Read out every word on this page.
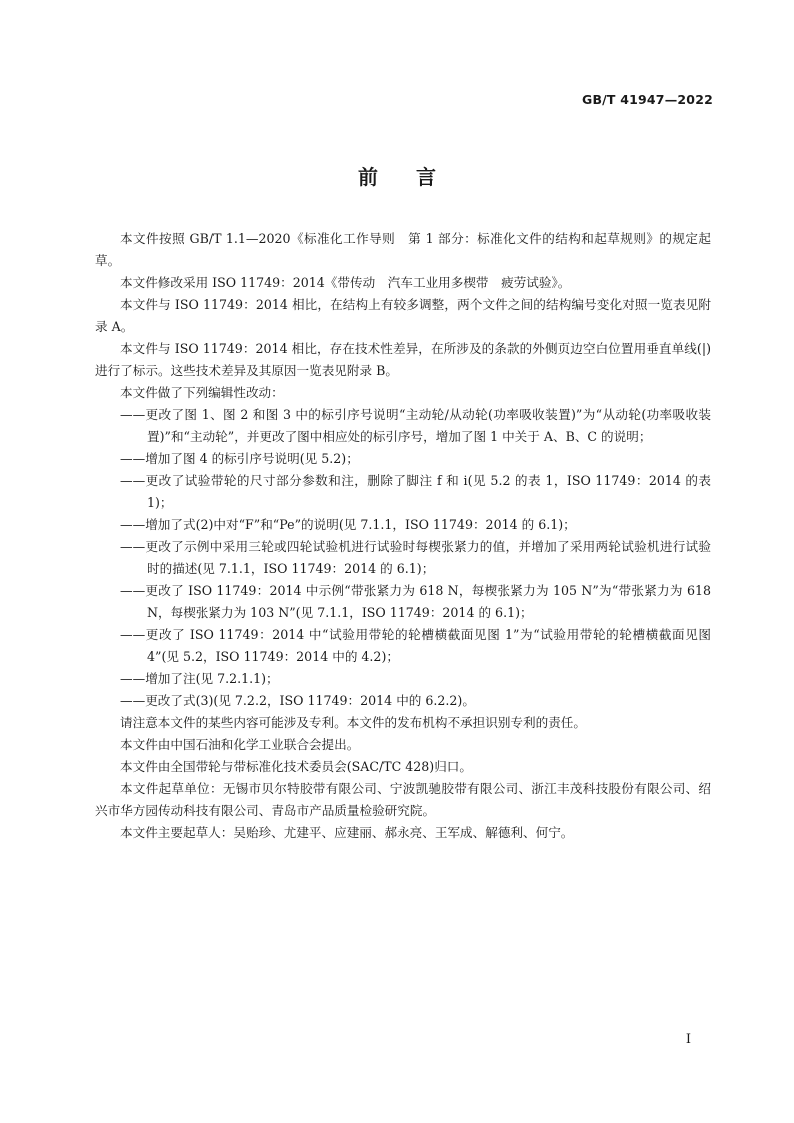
GB/T 41947—2022
前言

本文件按照 GB/T 1.1—2020《标准化工作导则　第 1 部分：标准化文件的结构和起草规则》的规定起草。

本文件修改采用 ISO 11749：2014《带传动　汽车工业用多楔带　疲劳试验》。

本文件与 ISO 11749：2014 相比，在结构上有较多调整，两个文件之间的结构编号变化对照一览表见附录 A。

本文件与 ISO 11749：2014 相比，存在技术性差异，在所涉及的条款的外侧页边空白位置用垂直单线(|)进行了标示。这些技术差异及其原因一览表见附录 B。

本文件做了下列编辑性改动：

——更改了图 1、图 2 和图 3 中的标引序号说明“主动轮/从动轮(功率吸收装置)”为“从动轮(功率吸收装置)”和“主动轮”，并更改了图中相应处的标引序号，增加了图 1 中关于 A、B、C 的说明；

——增加了图 4 的标引序号说明(见 5.2)；

——更改了试验带轮的尺寸部分参数和注，删除了脚注 f 和 i(见 5.2 的表 1，ISO 11749：2014 的表 1)；

——增加了式(2)中对“F”和“Pe”的说明(见 7.1.1，ISO 11749：2014 的 6.1)；

——更改了示例中采用三轮或四轮试验机进行试验时每楔张紧力的值，并增加了采用两轮试验机进行试验时的描述(见 7.1.1，ISO 11749：2014 的 6.1)；

——更改了 ISO 11749：2014 中示例“带张紧力为 618 N，每楔张紧力为 105 N”为“带张紧力为 618 N，每楔张紧力为 103 N”(见 7.1.1，ISO 11749：2014 的 6.1)；

——更改了 ISO 11749：2014 中“试验用带轮的轮槽横截面见图 1”为“试验用带轮的轮槽横截面见图 4”(见 5.2，ISO 11749：2014 中的 4.2)；

——增加了注(见 7.2.1.1)；

——更改了式(3)(见 7.2.2，ISO 11749：2014 中的 6.2.2)。

请注意本文件的某些内容可能涉及专利。本文件的发布机构不承担识别专利的责任。

本文件由中国石油和化学工业联合会提出。

本文件由全国带轮与带标准化技术委员会(SAC/TC 428)归口。

本文件起草单位：无锡市贝尔特胶带有限公司、宁波凯驰胶带有限公司、浙江丰茂科技股份有限公司、绍兴市华方园传动科技有限公司、青岛市产品质量检验研究院。

本文件主要起草人：吴贻珍、尤建平、应建丽、郝永亮、王军成、解德利、何宁。

I
